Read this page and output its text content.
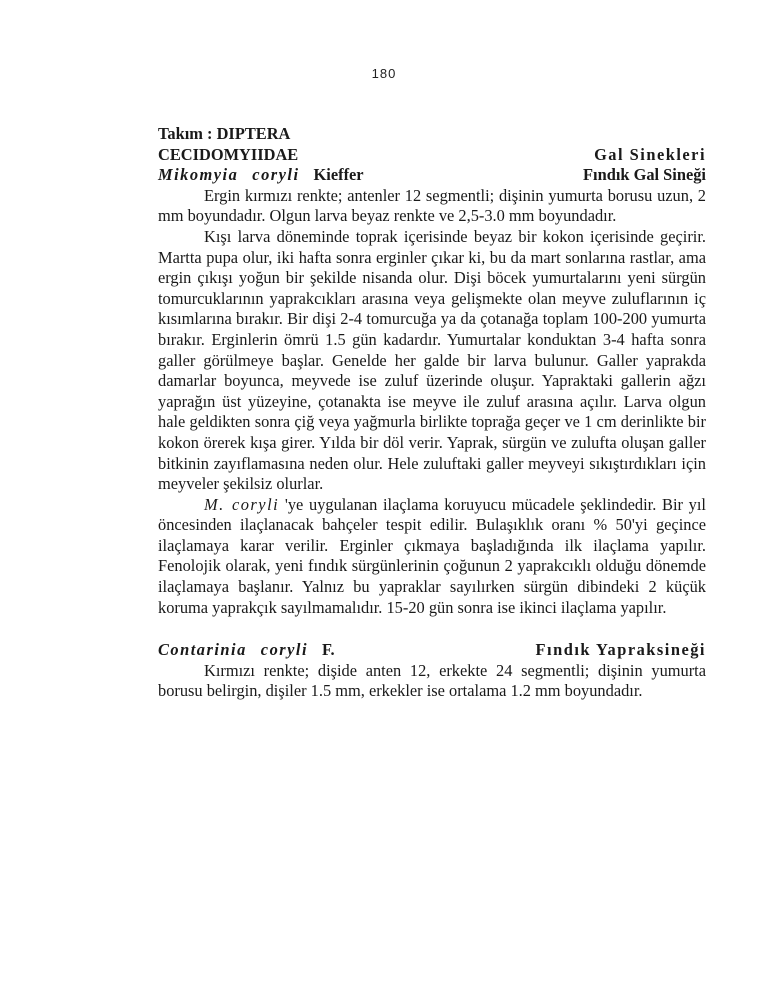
180
Takım : DIPTERA
CECIDOMYIIDAE	Gal Sinekleri
Mikomyia coryli Kieffer	Fındık Gal Sineği
Ergin kırmızı renkte; antenler 12 segmentli; dişinin yumurta borusu uzun, 2 mm boyundadır. Olgun larva beyaz renkte ve 2,5-3.0 mm boyundadır.
Kışı larva döneminde toprak içerisinde beyaz bir kokon içerisinde geçirir. Martta pupa olur, iki hafta sonra erginler çıkar ki, bu da mart sonlarına rastlar, ama ergin çıkışı yoğun bir şekilde nisanda olur. Dişi böcek yumurtalarını yeni sürgün tomurcuklarının yaprakcıkları arasına veya gelişmekte olan meyve zuluflarının iç kısımlarına bırakır. Bir dişi 2-4 tomurcuğa ya da çotanağa toplam 100-200 yumurta bırakır. Erginlerin ömrü 1.5 gün kadardır. Yumurtalar konduktan 3-4 hafta sonra galler görülmeye başlar. Genelde her galde bir larva bulunur. Galler yaprakda damarlar boyunca, meyvede ise zuluf üzerinde oluşur. Yapraktaki gallerin ağzı yaprağın üst yüzeyine, çotanakta ise meyve ile zuluf arasına açılır. Larva olgun hale geldikten sonra çiğ veya yağmurla birlikte toprağa geçer ve 1 cm derinlikte bir kokon örerek kışa girer. Yılda bir döl verir. Yaprak, sürgün ve zulufta oluşan galler bitkinin zayıflamasına neden olur. Hele zuluftaki galler meyveyi sıkıştırdıkları için meyveler şekilsiz olurlar.
M. coryli 'ye uygulanan ilaçlama koruyucu mücadele şeklindedir. Bir yıl öncesinden ilaçlanacak bahçeler tespit edilir. Bulaşıklık oranı % 50'yi geçince ilaçlamaya karar verilir. Erginler çıkmaya başladığında ilk ilaçlama yapılır. Fenolojik olarak, yeni fındık sürgünlerinin çoğunun 2 yaprakcıklı olduğu dönemde ilaçlamaya başlanır. Yalnız bu yapraklar sayılırken sürgün dibindeki 2 küçük koruma yaprakçık sayılmamalıdır. 15-20 gün sonra ise ikinci ilaçlama yapılır.
Contarinia coryli F.	Fındık Yapraksineği
Kırmızı renkte; dişide anten 12, erkekte 24 segmentli; dişinin yumurta borusu belirgin, dişiler 1.5 mm, erkekler ise ortalama 1.2 mm boyundadır.
